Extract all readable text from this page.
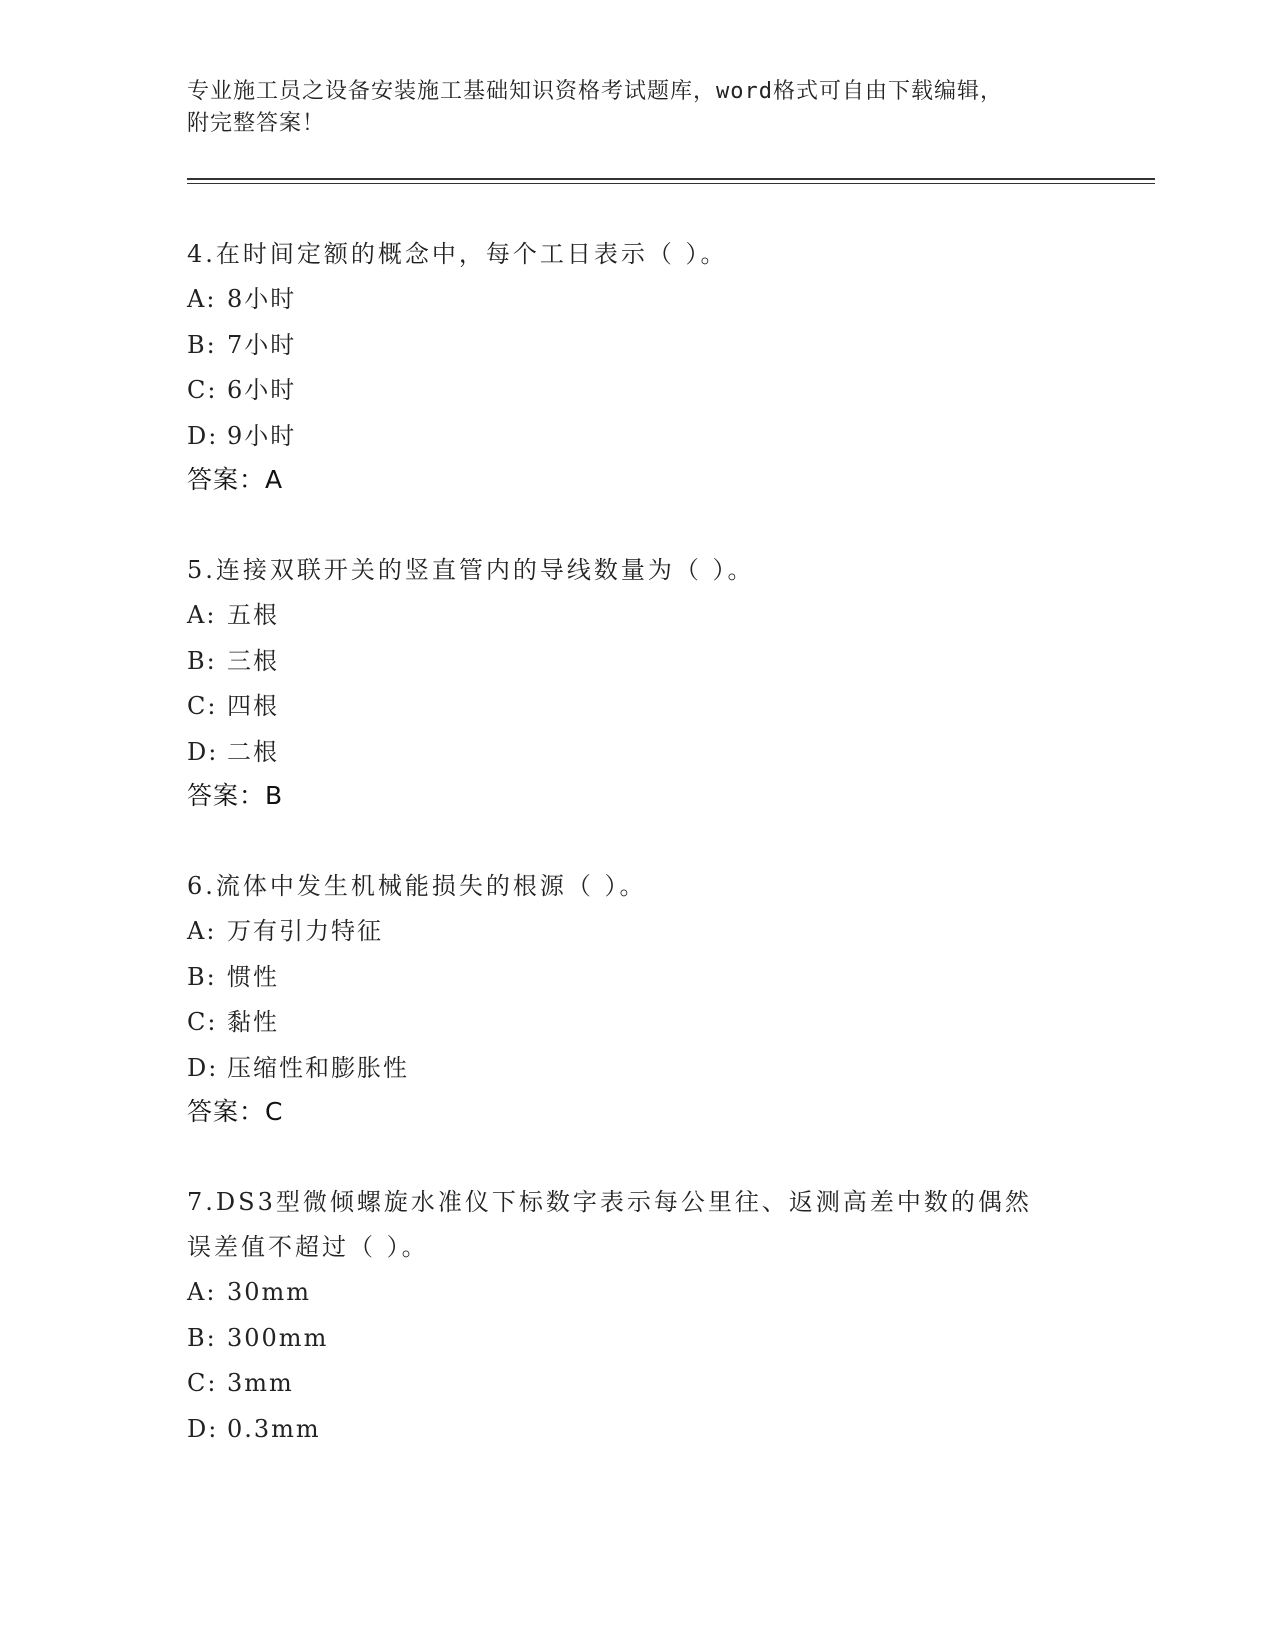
专业施工员之设备安装施工基础知识资格考试题库，word格式可自由下载编辑，
附完整答案！
4.在时间定额的概念中，每个工日表示（ ）。
A: 8小时
B: 7小时
C: 6小时
D: 9小时
答案：A
5.连接双联开关的竖直管内的导线数量为（ ）。
A: 五根
B: 三根
C: 四根
D: 二根
答案：B
6.流体中发生机械能损失的根源（ ）。
A: 万有引力特征
B: 惯性
C: 黏性
D: 压缩性和膨胀性
答案：C
7.DS3型微倾螺旋水准仪下标数字表示每公里往、返测高差中数的偶然
误差值不超过（ ）。
A: 30mm
B: 300mm
C: 3mm
D: 0.3mm
